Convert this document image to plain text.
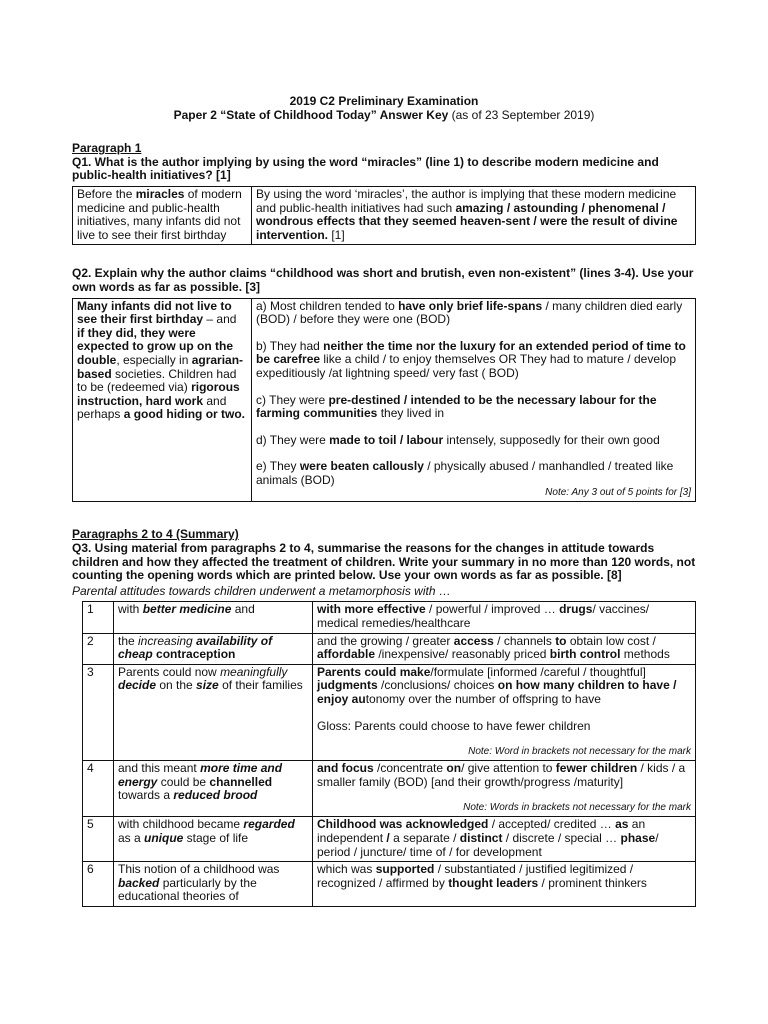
2019 C2 Preliminary Examination
Paper 2 “State of Childhood Today” Answer Key (as of 23 September 2019)
Paragraph 1
Q1. What is the author implying by using the word “miracles” (line 1) to describe modern medicine and public-health initiatives? [1]
Before the miracles of modern medicine and public-health initiatives, many infants did not live to see their first birthday	By using the word ‘miracles’, the author is implying that these modern medicine and public-health initiatives had such amazing / astounding / phenomenal / wondrous effects that they seemed heaven-sent / were the result of divine intervention. [1]
Q2. Explain why the author claims “childhood was short and brutish, even non-existent” (lines 3-4). Use your own words as far as possible. [3]
Many infants did not live to see their first birthday – and if they did, they were expected to grow up on the double, especially in agrarian-based societies. Children had to be (redeemed via) rigorous instruction, hard work and perhaps a good hiding or two.	
a) Most children tended to have only brief life-spans / many children died early (BOD) / before they were one (BOD)
b) They had neither the time nor the luxury for an extended period of time to be carefree like a child / to enjoy themselves OR They had to mature / develop expeditiously /at lightning speed/ very fast ( BOD)
c) They were pre-destined / intended to be the necessary labour for the farming communities they lived in
d) They were made to toil / labour intensely, supposedly for their own good
e) They were beaten callously / physically abused / manhandled / treated like animals (BOD)
Note: Any 3 out of 5 points for [3]
Paragraphs 2 to 4 (Summary)
Q3. Using material from paragraphs 2 to 4, summarise the reasons for the changes in attitude towards children and how they affected the treatment of children. Write your summary in no more than 120 words, not counting the opening words which are printed below. Use your own words as far as possible. [8]
Parental attitudes towards children underwent a metamorphosis with …
1	with better medicine and	with more effective / powerful / improved … drugs/ vaccines/ medical remedies/healthcare
2	the increasing availability of cheap contraception	and the growing / greater access / channels to obtain low cost / affordable /inexpensive/ reasonably priced birth control methods
3	Parents could now meaningfully decide on the size of their families	Parents could make/formulate [informed /careful / thoughtful] judgments /conclusions/ choices on how many children to have / enjoy autonomy over the number of offspring to have
Gloss: Parents could choose to have fewer children
Note: Word in brackets not necessary for the mark

4	and this meant more time and energy could be channelled towards a reduced brood	and focus /concentrate on/ give attention to fewer children / kids / a smaller family (BOD) [and their growth/progress /maturity]
Note: Words in brackets not necessary for the mark

5	with childhood became regarded as a unique stage of life	Childhood was acknowledged / accepted/ credited … as an independent / a separate / distinct / discrete / special … phase/ period / juncture/ time of / for development
6	This notion of a childhood was backed particularly by the educational theories of	which was supported / substantiated / justified legitimized / recognized / affirmed by thought leaders / prominent thinkers
